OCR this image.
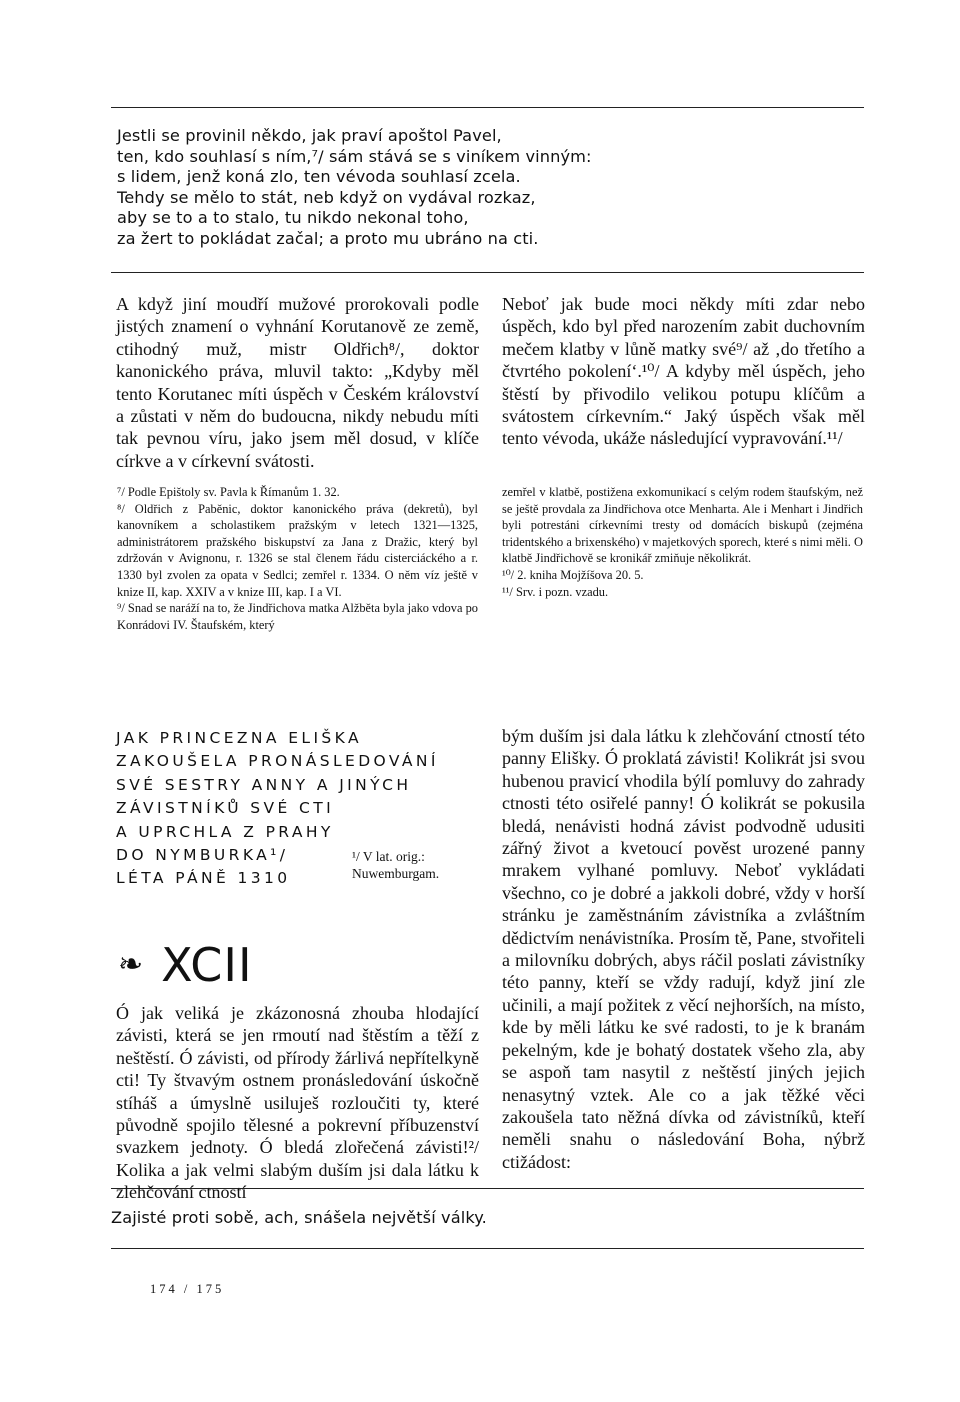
Jestli se provinil někdo, jak praví apoštol Pavel,
ten, kdo souhlasí s ním,⁷/ sám stává se s viníkem vinným:
s lidem, jenž koná zlo, ten vévoda souhlasí zcela.
Tehdy se mělo to stát, neb když on vydával rozkaz,
aby se to a to stalo, tu nikdo nekonal toho,
za žert to pokládat začal; a proto mu ubráno na cti.

A když jiní moudří mužové prorokovali podle jistých znamení o vyhnání Korutanově ze země, ctihodný muž, mistr Oldřich⁸/, doktor kanonického práva, mluvil takto: „Kdyby měl tento Korutanec míti úspěch v Českém království a zůstati v něm do budoucna, nikdy nebudu míti tak pevnou víru, jako jsem měl dosud, v klíče církve a v církevní svátosti.

Neboť jak bude moci někdy míti zdar nebo úspěch, kdo byl před narozením zabit duchovním mečem klatby v lůně matky své⁹/ až ‚do třetího a čtvrtého pokolení‘.¹⁰/ A kdyby měl úspěch, jeho štěstí by přivodilo velikou potupu klíčům a svátostem církevním.“ Jaký úspěch však měl tento vévoda, ukáže následující vypravování.¹¹/

⁷/ Podle Epištoly sv. Pavla k Římanům 1. 32.

⁸/ Oldřich z Paběnic, doktor kanonického práva (dekretů), byl kanovníkem a scholastikem pražským v letech 1321—1325, administrátorem pražského biskupství za Jana z Dražic, který byl zdržován v Avignonu, r. 1326 se stal členem řádu cisterciáckého a r. 1330 byl zvolen za opata v Sedlci; zemřel r. 1334. O něm víz ještě v knize II, kap. XXIV a v knize III, kap. I a VI.

⁹/ Snad se naráží na to, že Jindřichova matka Alžběta byla jako vdova po Konrádovi IV. Štaufském, který

zemřel v klatbě, postižena exkomunikací s celým rodem štaufským, než se ještě provdala za Jindřichova otce Menharta. Ale i Menhart i Jindřich byli potrestáni církevními tresty od domácích biskupů (zejména tridentského a brixenského) v majetkových sporech, které s nimi měli. O klatbě Jindřichově se kronikář zmiňuje několikrát.

¹⁰/ 2. kniha Mojžíšova 20. 5.

¹¹/ Srv. i pozn. vzadu.

JAK PRINCEZNA ELIŠKA
ZAKOUŠELA PRONÁSLEDOVÁNÍ
SVÉ SESTRY ANNY A JINÝCH
ZÁVISTNÍKŮ SVÉ CTI
A UPRCHLA Z PRAHY
DO NYMBURKA¹/
LÉTA PÁNĚ 1310
¹/ V lat. orig.:
Nuwemburgam.
❧ XCII

Ó jak veliká je zkázonosná zhouba hlodající závisti, která se jen rmoutí nad štěstím a těží z neštěstí. Ó závisti, od přírody žárlivá nepřítelkyně cti! Ty štvavým ostnem pronásledování úskočně stíháš a úmyslně usiluješ rozloučiti ty, které původně spojilo tělesné a pokrevní příbuzenství svazkem jednoty. Ó bledá zlořečená závisti!²/ Kolika a jak velmi slabým duším jsi dala látku k zlehčování ctností

bým duším jsi dala látku k zlehčování ctností této panny Elišky. Ó proklatá závisti! Kolikrát jsi svou hubenou pravicí vhodila býlí pomluvy do zahrady ctnosti této osiřelé panny! Ó kolikrát se pokusila bledá, nenávisti hodná závist podvodně udusiti zářný život a kvetoucí pověst urozené panny mrakem vylhané pomluvy. Neboť vykládati všechno, co je dobré a jakkoli dobré, vždy v horší stránku je zaměstnáním závistníka a zvláštním dědictvím nenávistníka. Prosím tě, Pane, stvořiteli a milovníku dobrých, abys ráčil poslati závistníky této panny, kteří se vždy radují, když jiní zle učinili, a mají požitek z věcí nejhorších, na místo, kde by měli látku ke své radosti, to je k branám pekelným, kde je bohatý dostatek všeho zla, aby se aspoň tam nasytil z neštěstí jiných jejich nenasytný vztek. Ale co a jak těžké věci zakoušela tato něžná dívka od závistníků, kteří neměli snahu o následování Boha, nýbrž ctižádost:

Zajisté proti sobě, ach, snášela největší války.
174 / 175
